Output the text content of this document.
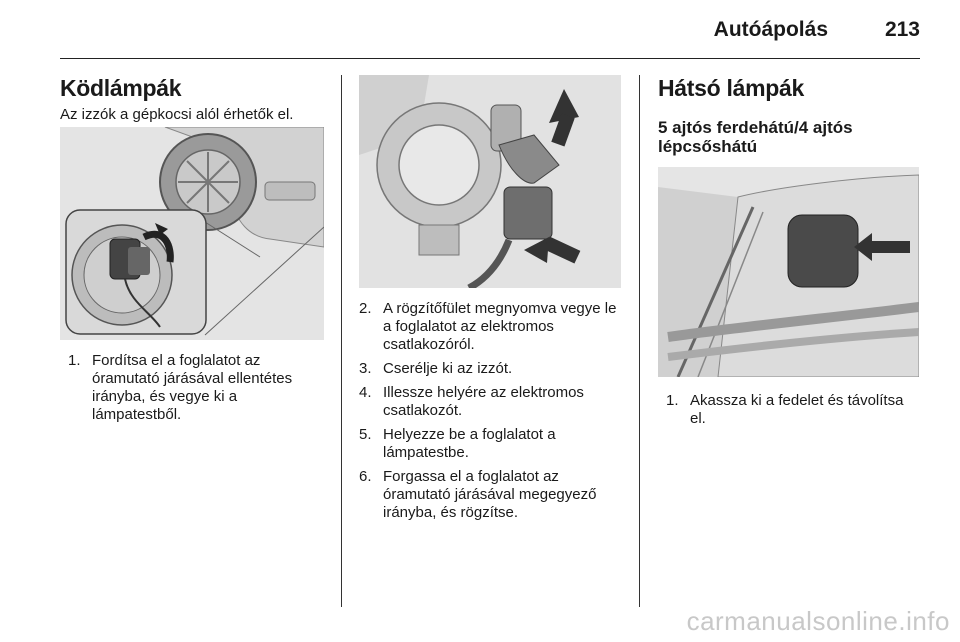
Autóápolás	213
Ködlámpák

Az izzók a gépkocsi alól érhetők el.

1. Fordítsa el a foglalatot az óramutató járásával ellentétes irányba, és vegye ki a lámpatestből.
2. A rögzítőfület megnyomva vegye le a foglalatot az elektromos csatlakozóról.
3. Cserélje ki az izzót.
4. Illessze helyére az elektromos csatlakozót.
5. Helyezze be a foglalatot a lámpatestbe.
6. Forgassa el a foglalatot az óramutató járásával megegyező irányba, és rögzítse.
Hátsó lámpák
5 ajtós ferdehátú/4 ajtós lépcsőshátú
1. Akassza ki a fedelet és távolítsa el.
carmanualsonline.info
